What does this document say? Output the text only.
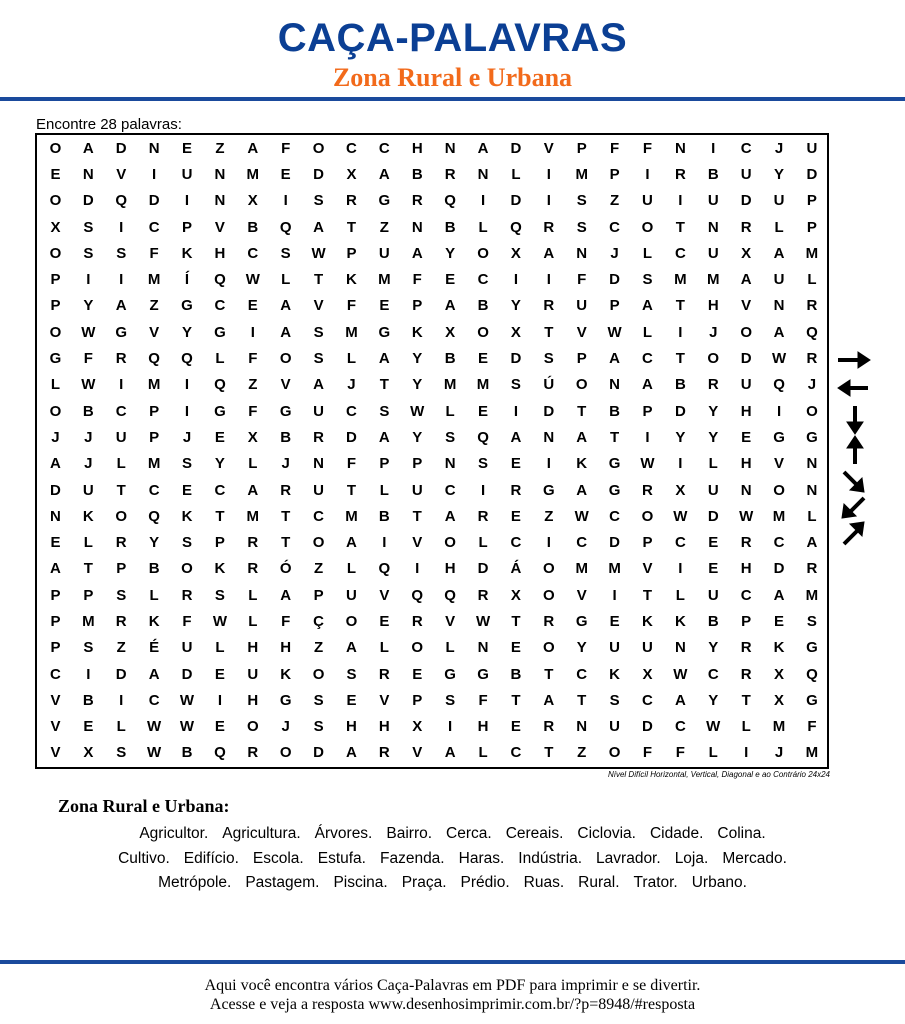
CAÇA-PALAVRAS
Zona Rural e Urbana
Encontre 28 palavras:
O	A	D	N	E	Z	A	F	O	C	C	H	N	A	D	V	P	F	F	N	I	C	J	U
E	N	V	I	U	N	M	E	D	X	A	B	R	N	L	I	M	P	I	R	B	U	Y	D
O	D	Q	D	I	N	X	I	S	R	G	R	Q	I	D	I	S	Z	U	I	U	D	U	P
X	S	I	C	P	V	B	Q	A	T	Z	N	B	L	Q	R	S	C	O	T	N	R	L	P
O	S	S	F	K	H	C	S	W	P	U	A	Y	O	X	A	N	J	L	C	U	X	A	M
P	I	I	M	Í	Q	W	L	T	K	M	F	E	C	I	I	F	D	S	M	M	A	U	L
P	Y	A	Z	G	C	E	A	V	F	E	P	A	B	Y	R	U	P	A	T	H	V	N	R
O	W	G	V	Y	G	I	A	S	M	G	K	X	O	X	T	V	W	L	I	J	O	A	Q
G	F	R	Q	Q	L	F	O	S	L	A	Y	B	E	D	S	P	A	C	T	O	D	W	R
L	W	I	M	I	Q	Z	V	A	J	T	Y	M	M	S	Ú	O	N	A	B	R	U	Q	J
O	B	C	P	I	G	F	G	U	C	S	W	L	E	I	D	T	B	P	D	Y	H	I	O
J	J	U	P	J	E	X	B	R	D	A	Y	S	Q	A	N	A	T	I	Y	Y	E	G	G
A	J	L	M	S	Y	L	J	N	F	P	P	N	S	E	I	K	G	W	I	L	H	V	N
D	U	T	C	E	C	A	R	U	T	L	U	C	I	R	G	A	G	R	X	U	N	O	N
N	K	O	Q	K	T	M	T	C	M	B	T	A	R	E	Z	W	C	O	W	D	W	M	L
E	L	R	Y	S	P	R	T	O	A	I	V	O	L	C	I	C	D	P	C	E	R	C	A
A	T	P	B	O	K	R	Ó	Z	L	Q	I	H	D	Á	O	M	M	V	I	E	H	D	R
P	P	S	L	R	S	L	A	P	U	V	Q	Q	R	X	O	V	I	T	L	U	C	A	M
P	M	R	K	F	W	L	F	Ç	O	E	R	V	W	T	R	G	E	K	K	B	P	E	S
P	S	Z	É	U	L	H	H	Z	A	L	O	L	N	E	O	Y	U	U	N	Y	R	K	G
C	I	D	A	D	E	U	K	O	S	R	E	G	G	B	T	C	K	X	W	C	R	X	Q
V	B	I	C	W	I	H	G	S	E	V	P	S	F	T	A	T	S	C	A	Y	T	X	G
V	E	L	W	W	E	O	J	S	H	H	X	I	H	E	R	N	U	D	C	W	L	M	F
V	X	S	W	B	Q	R	O	D	A	R	V	A	L	C	T	Z	O	F	F	L	I	J	M
Nível Difícil Horizontal, Vertical, Diagonal e ao Contrário 24x24
Zona Rural e Urbana:
Agricultor. Agricultura. Árvores. Bairro. Cerca. Cereais. Ciclovia. Cidade. Colina.
Cultivo. Edifício. Escola. Estufa. Fazenda. Haras. Indústria. Lavrador. Loja. Mercado.
Metrópole. Pastagem. Piscina. Praça. Prédio. Ruas. Rural. Trator. Urbano.
Aqui você encontra vários Caça-Palavras em PDF para imprimir e se divertir.
Acesse e veja a resposta www.desenhosimprimir.com.br/?p=8948/#resposta
